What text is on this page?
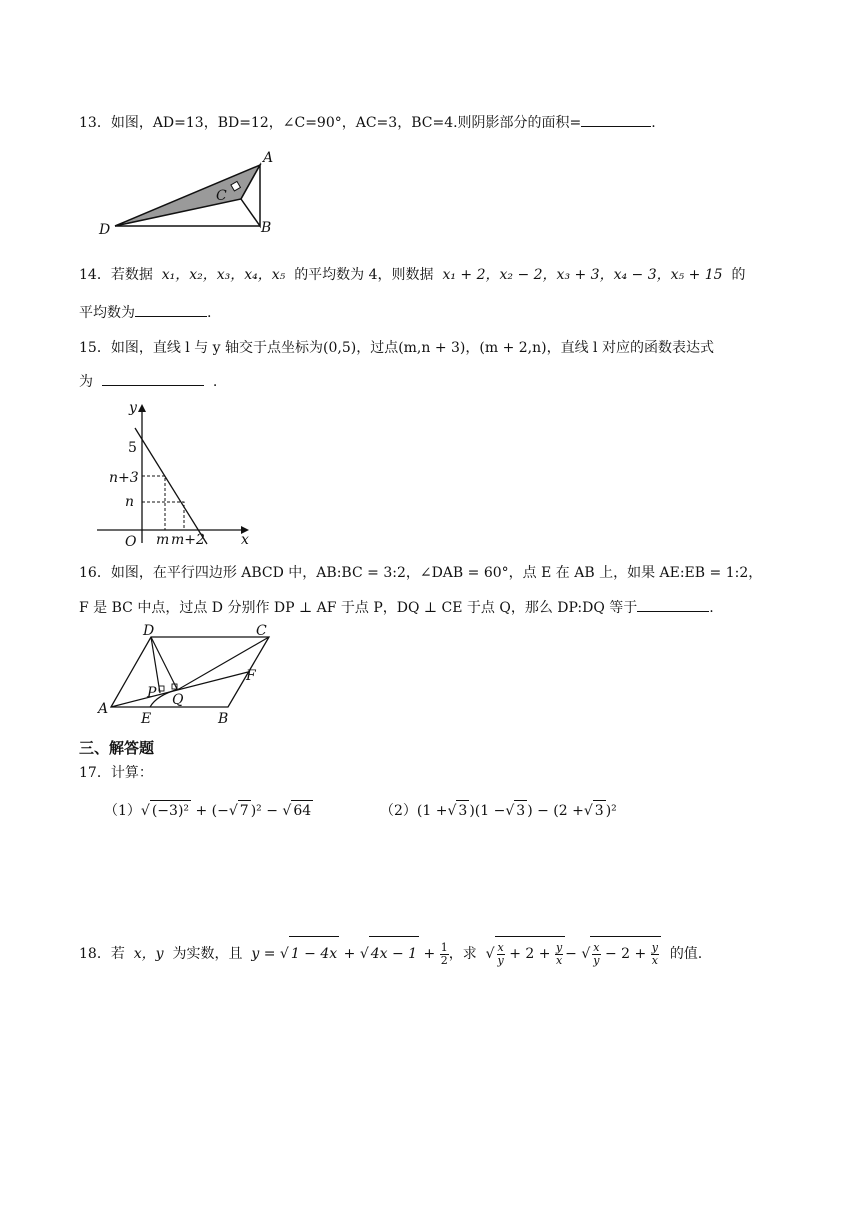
13．如图，AD=13，BD=12，∠C=90°，AC=3，BC=4.则阴影部分的面积=	.
A
C
D	B
14．若数据 x₁，x₂，x₃，x₄，x₅ 的平均数为 4，则数据 x₁ + 2，x₂ − 2，x₃ + 3，x₄ − 3，x₅ + 15 的
平均数为	.
15．如图，直线 l 与 y 轴交于点坐标为(0,5)，过点(m,n + 3)，(m + 2,n)，直线 l 对应的函数表达式
为	.
y
5
n+3
n
O m m+2	x
16．如图，在平行四边形 ABCD 中，AB:BC = 3:2，∠DAB = 60°，点 E 在 AB 上，如果 AE:EB = 1:2，
F 是 BC 中点，过点 D 分别作 DP ⊥ AF 于点 P，DQ ⊥ CE 于点 Q，那么 DP:DQ 等于	.
D	C
F
P Q
A
E	B
三、解答题
17．计算：
（1）√ (−3)² + (−√ 7 )² − √ 64	（2）(1 +√ 3 )(1 −√ 3 ) − (2 +√ 3 )²
18．若 x，y 为实数，且 y = √ 1 − 4x + √ $4x - 1 + \frac{1}{2}$ ，求 √ $\frac{x}{y} + 2 + \frac{y}{x}$ − √ $\frac{x}{y} - 2 + \frac{y}{x}$ 的值.
